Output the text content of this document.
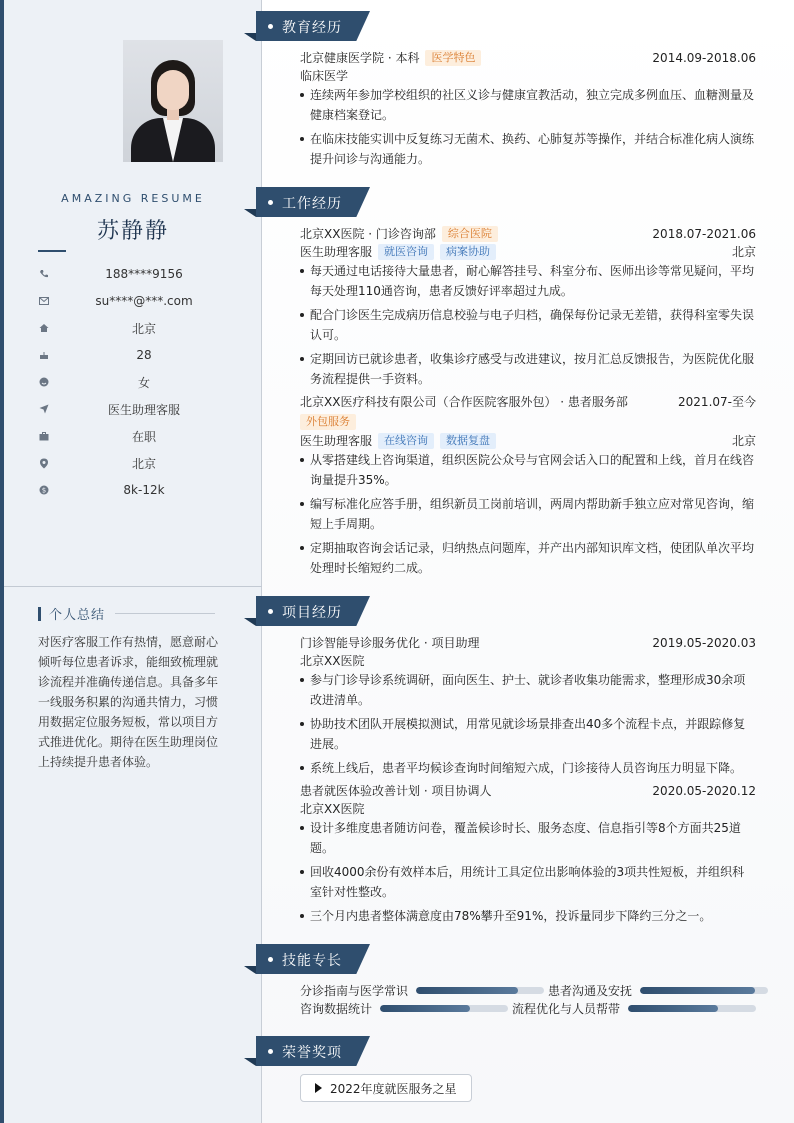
AMAZING RESUME
苏静静
188****9156
su****@***.com
北京
28
女
医生助理客服
在职
北京
$	8k-12k
个人总结
对医疗客服工作有热情，愿意耐心倾听每位患者诉求，能细致梳理就诊流程并准确传递信息。具备多年一线服务积累的沟通共情力，习惯用数据定位服务短板，常以项目方式推进优化。期待在医生助理岗位上持续提升患者体验。
教育经历
北京健康医学院 · 本科	医学特色	2014.09-2018.06
临床医学
连续两年参加学校组织的社区义诊与健康宣教活动，独立完成多例血压、血糖测量及健康档案登记。
在临床技能实训中反复练习无菌术、换药、心肺复苏等操作，并结合标准化病人演练提升问诊与沟通能力。
工作经历
北京XX医院 · 门诊咨询部	综合医院	2018.07-2021.06
医生助理客服	就医咨询	病案协助	北京
每天通过电话接待大量患者，耐心解答挂号、科室分布、医师出诊等常见疑问，平均每天处理110通咨询，患者反馈好评率超过九成。
配合门诊医生完成病历信息校验与电子归档，确保每份记录无差错，获得科室零失误认可。
定期回访已就诊患者，收集诊疗感受与改进建议，按月汇总反馈报告，为医院优化服务流程提供一手资料。
北京XX医疗科技有限公司（合作医院客服外包） · 患者服务部	2021.07-至今
外包服务
医生助理客服	在线咨询	数据复盘	北京
从零搭建线上咨询渠道，组织医院公众号与官网会话入口的配置和上线，首月在线咨询量提升35%。
编写标准化应答手册，组织新员工岗前培训，两周内帮助新手独立应对常见咨询，缩短上手周期。
定期抽取咨询会话记录，归纳热点问题库，并产出内部知识库文档，使团队单次平均处理时长缩短约二成。
项目经历
门诊智能导诊服务优化 · 项目助理	2019.05-2020.03
北京XX医院
参与门诊导诊系统调研，面向医生、护士、就诊者收集功能需求，整理形成30余项改进清单。
协助技术团队开展模拟测试，用常见就诊场景排查出40多个流程卡点，并跟踪修复进展。
系统上线后，患者平均候诊查询时间缩短六成，门诊接待人员咨询压力明显下降。
患者就医体验改善计划 · 项目协调人	2020.05-2020.12
北京XX医院
设计多维度患者随访问卷，覆盖候诊时长、服务态度、信息指引等8个方面共25道题。
回收4000余份有效样本后，用统计工具定位出影响体验的3项共性短板，并组织科室针对性整改。
三个月内患者整体满意度由78%攀升至91%，投诉量同步下降约三分之一。
技能专长
分诊指南与医学常识	患者沟通及安抚
咨询数据统计	流程优化与人员帮带
荣誉奖项
2022年度就医服务之星
